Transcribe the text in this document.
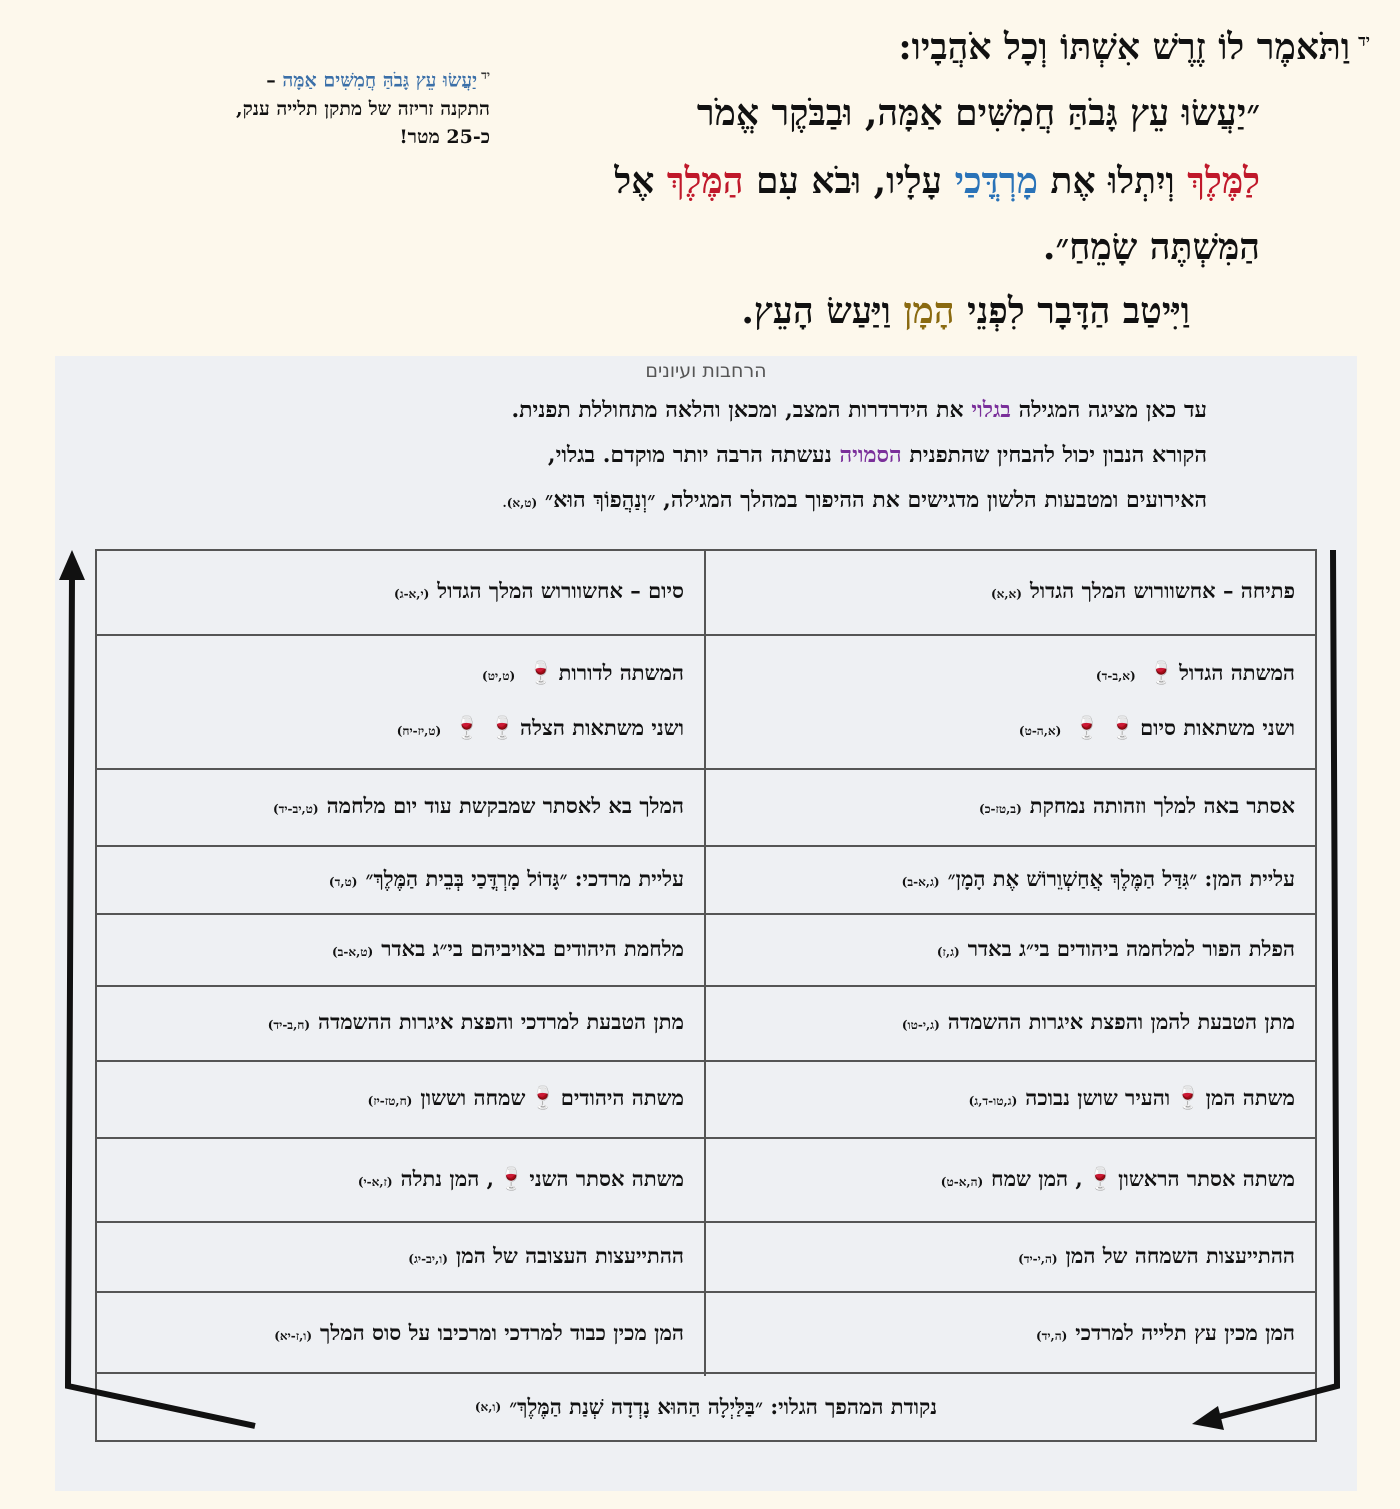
$^{יד}$וַתֹּאמֶר לוֹ זֶרֶשׁ אִשְׁתּוֹ וְכָל אֹהֲבָיו:
״יַעֲשׂוּ עֵץ גָּבֹהַּ חֲמִשִּׁים אַמָּה, וּבַבֹּקֶר אֱמֹר
לַמֶּלֶךְ וְיִתְלוּ אֶת מָרְדֳּכַי עָלָיו, וּבֹא עִם הַמֶּלֶךְ אֶל
הַמִּשְׁתֶּה שָׂמֵחַ״.
וַיִּיטַב הַדָּבָר לִפְנֵי הָמָן וַיַּעַשׂ הָעֵץ.
$^{יד}$יַעֲשׂוּ עֵץ גָּבֹהַּ חֲמִשִּׁים אַמָּה –
התקנה זריזה של מתקן תלייה ענק,
כ-25 מטר!
הרחבות ועיונים
עד כאן מציגה המגילה בגלוי את הידרדרות המצב, ומכאן והלאה מתחוללת תפנית.
הקורא הנבון יכול להבחין שהתפנית הסמויה נעשתה הרבה יותר מוקדם. בגלוי,
האירועים ומטבעות הלשון מדגישים את ההיפוך במהלך המגילה, ״וְנַהֲפוֹךְ הוּא״ (ט,א).
נקודת המהפך הגלוי: ״בַּלַּיְלָה הַהוּא נָדְדָה שְׁנַת הַמֶּלֶךְ״
(ו,א)
פתיחה – אחשוורוש המלך הגדול(א,א)
סיום – אחשוורוש המלך הגדול(י,א-ג)
המשתה הגדול🍷(א,ב-ד)
ושני משתאות סיום🍷🍷(א,ה-ט)
המשתה לדורות🍷(ט,יט)
ושני משתאות הצלה🍷🍷(ט,יז-יח)
אסתר באה למלך וזהותה נמחקת(ב,טז-כ)
המלך בא לאסתר שמבקשת עוד יום מלחמה(ט,יב-יד)
עליית המן: ״גִּדַּל הַמֶּלֶךְ אֲחַשְׁוֵרוֹשׁ אֶת הָמָן״(ג,א-ב)
עליית מרדכי: ״גָּדוֹל מָרְדֳּכַי בְּבֵית הַמֶּלֶךְ״(ט,ד)
הפלת הפור למלחמה ביהודים בי״ג באדר(ג,ז)
מלחמת היהודים באויביהם בי״ג באדר(ט,א-ב)
מתן הטבעת להמן והפצת איגרות ההשמדה(ג,י-טו)
מתן הטבעת למרדכי והפצת איגרות ההשמדה(ח,ב-יד)
משתה המן🍷והעיר שושן נבוכה(ג,טו-ד,ג)
משתה היהודים🍷שמחה וששון(ח,טז-יז)
משתה אסתר הראשון🍷, המן שמח(ה,א-ט)
משתה אסתר השני🍷, המן נתלה(ז,א-י)
ההתייעצות השמחה של המן(ה,י-יד)
ההתייעצות העצובה של המן(ו,יב-יג)
המן מכין עץ תלייה למרדכי(ה,יד)
המן מכין כבוד למרדכי ומרכיבו על סוס המלך(ו,ז-יא)
